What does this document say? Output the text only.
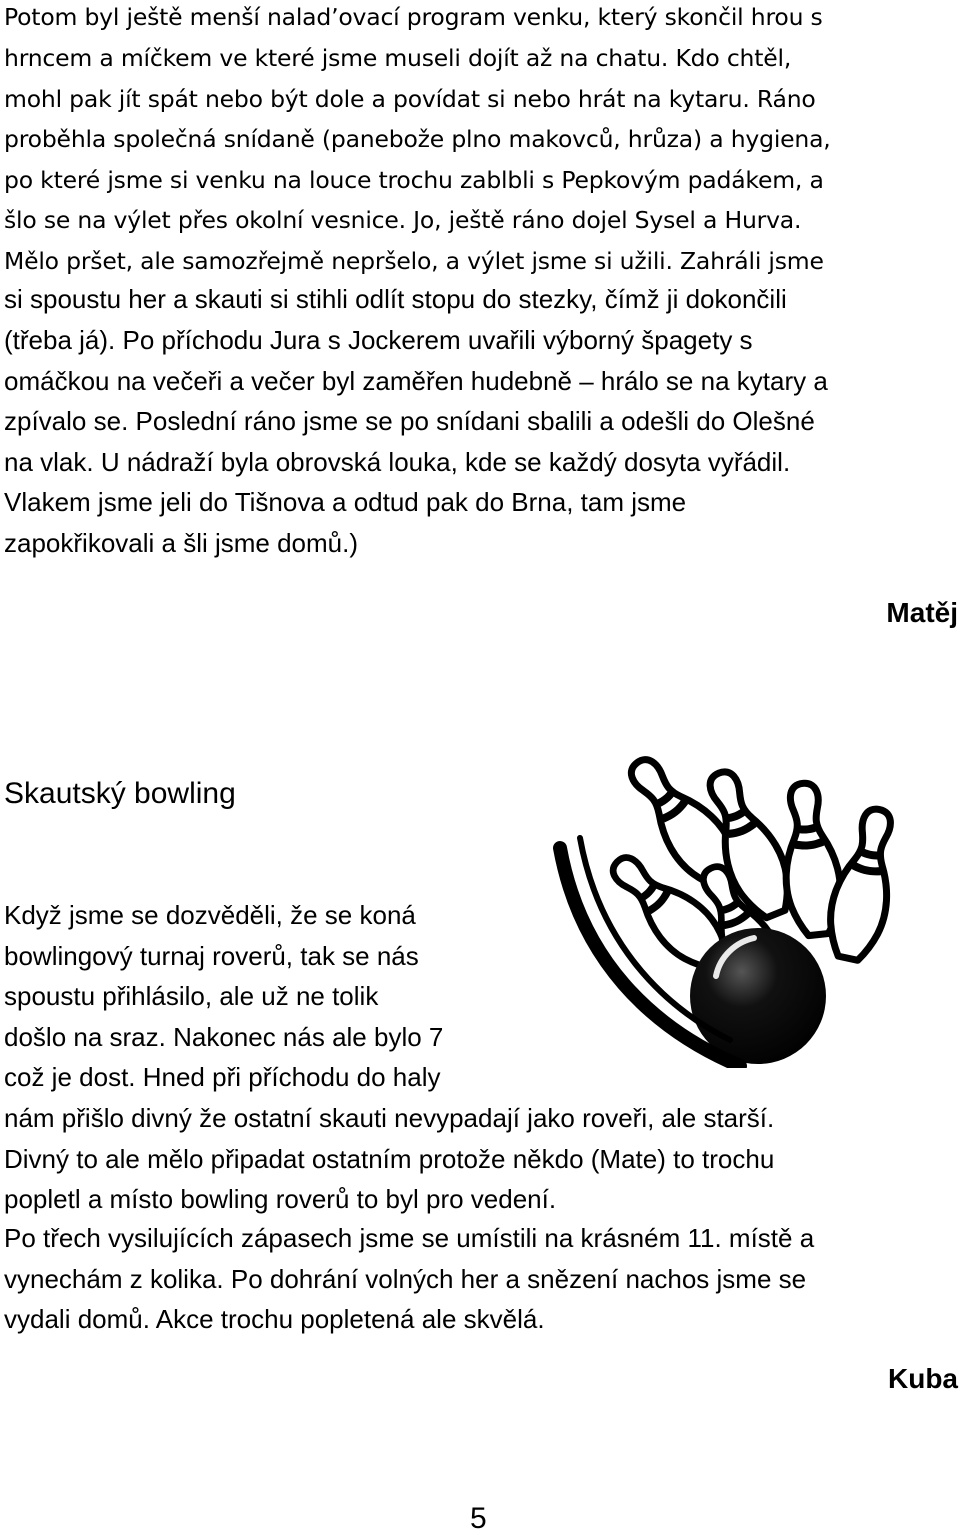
Potom byl ještě menší naladʼovací program venku, který skončil hrou s
hrncem a míčkem ve které jsme museli dojít až na chatu. Kdo chtěl,
mohl pak jít spát nebo být dole a povídat si nebo hrát na kytaru. Ráno
proběhla společná snídaně (panebože plno makovců, hrůza) a hygiena,
po které jsme si venku na louce trochu zablbli s Pepkovým padákem, a
šlo se na výlet přes okolní vesnice. Jo, ještě ráno dojel Sysel a Hurva.
Mělo pršet, ale samozřejmě nepršelo, a výlet jsme si užili. Zahráli jsme
si spoustu her a skauti si stihli odlít stopu do stezky, čímž ji dokončili
(třeba já). Po příchodu Jura s Jockerem uvařili výborný špagety s
omáčkou na večeři a večer byl zaměřen hudebně – hrálo se na kytary a
zpívalo se. Poslední ráno jsme se po snídani sbalili a odešli do Olešné
na vlak. U nádraží byla obrovská louka, kde se každý dosyta vyřádil.
Vlakem jsme jeli do Tišnova a odtud pak do Brna, tam jsme
zapokřikovali a šli jsme domů.)
Matěj
Skautský bowling
Když jsme se dozvěděli, že se koná
bowlingový turnaj roverů, tak se nás
spoustu přihlásilo, ale už ne tolik
došlo na sraz. Nakonec nás ale bylo 7
což je dost. Hned při příchodu do haly
nám přišlo divný že ostatní skauti nevypadají jako roveři, ale starší.
Divný to ale mělo připadat ostatním protože někdo (Mate) to trochu
popletl a místo bowling roverů to byl pro vedení.
Po třech vysilujících zápasech jsme se umístili na krásném 11. místě a
vynechám z kolika. Po dohrání volných her a snězení nachos jsme se
vydali domů. Akce trochu popletená ale skvělá.
Kuba
5
